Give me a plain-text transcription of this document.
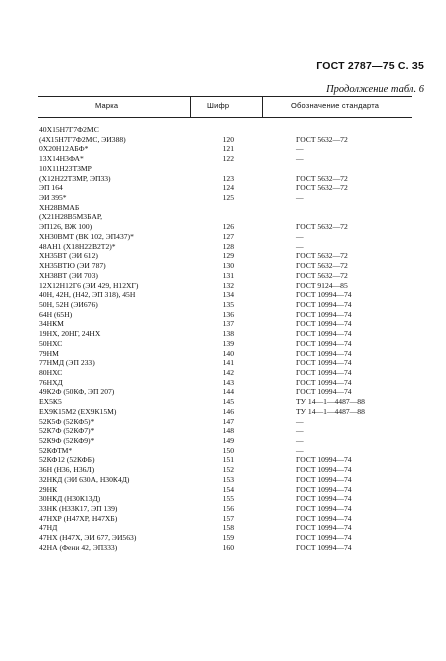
ГОСТ 2787—75 С. 35
Продолжение табл. 6
Марка	Шифр	Обозначение стандарта
40Х15Н7Г7Ф2МС
(4Х15Н7Г7Ф2МС, ЭИ388)	120	ГОСТ 5632—72
0Х20Н12АБФ*	121	—
13Х14Н3ФА*	122	—
10Х11Н23Т3МР
(Х12Н22Т3МР, ЭП33)	123	ГОСТ 5632—72
ЭП 164	124	ГОСТ 5632—72
ЭИ 395*	125	—
ХН28ВМАБ
(Х21Н28В5М3БАР,
ЭП126, ВЖ 100)	126	ГОСТ 5632—72
ХН30ВМТ (ВК 102, ЭП437)*	127	—
48АН1 (Х18Н22В2Т2)*	128	—
ХН35ВТ (ЭИ 612)	129	ГОСТ 5632—72
ХН35ВТЮ (ЭИ 787)	130	ГОСТ 5632—72
ХН38ВТ (ЭИ 703)	131	ГОСТ 5632—72
12Х12Н12Г6 (ЭИ 429, Н12ХГ)	132	ГОСТ 9124—85
40Н, 42Н, (Н42, ЭП 318), 45Н	134	ГОСТ 10994—74
50Н, 52Н (ЭИ676)	135	ГОСТ 10994—74
64Н (65Н)	136	ГОСТ 10994—74
34НКМ	137	ГОСТ 10994—74
19НХ, 20НГ, 24НХ	138	ГОСТ 10994—74
50НХС	139	ГОСТ 10994—74
79НМ	140	ГОСТ 10994—74
77НМД (ЭП 233)	141	ГОСТ 10994—74
80НХС	142	ГОСТ 10994—74
76НХД	143	ГОСТ 10994—74
49К2Ф (50КФ, ЭП 207)	144	ГОСТ 10994—74
ЕХ5К5	145	ТУ 14—1—4487—88
ЕХ9К15М2 (ЕХ9К15М)	146	ТУ 14—1—4487—88
52К5Ф (52КФ5)*	147	—
52К7Ф (52КФ7)*	148	—
52К9Ф (52КФ9)*	149	—
52КФТМ*	150	—
52КФ12 (52КФБ)	151	ГОСТ 10994—74
36Н (Н36, Н36Л)	152	ГОСТ 10994—74
32НКД (ЭИ 630А, Н30К4Д)	153	ГОСТ 10994—74
29НК	154	ГОСТ 10994—74
30НКД (Н30К13Д)	155	ГОСТ 10994—74
33НК (Н33К17, ЭП 139)	156	ГОСТ 10994—74
47НХР (Н47ХР, Н47ХБ)	157	ГОСТ 10994—74
47НД	158	ГОСТ 10994—74
47НХ (Н47Х, ЭИ 677, ЭИ563)	159	ГОСТ 10994—74
42НА (Фени 42, ЭП333)	160	ГОСТ 10994—74
